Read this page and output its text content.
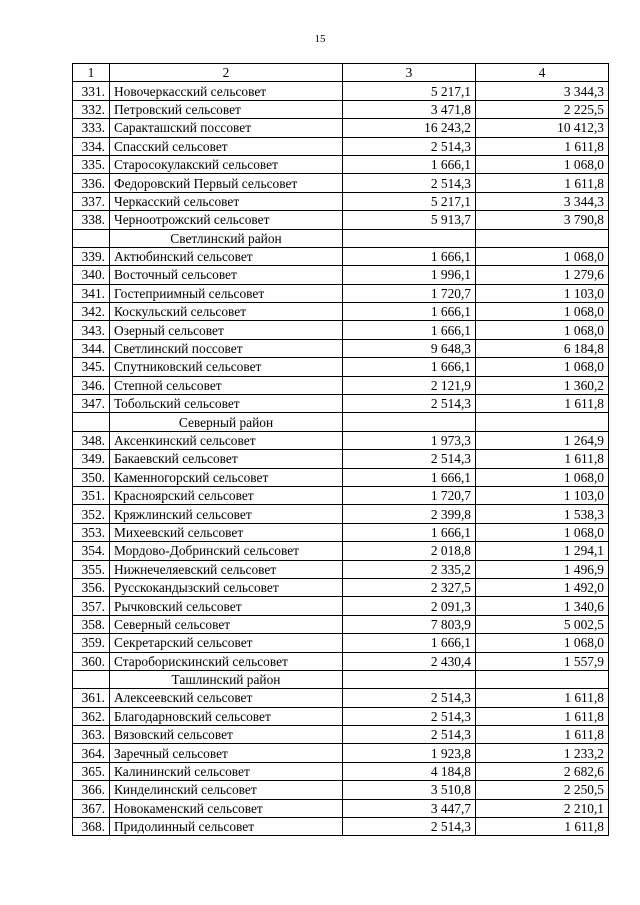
15
1	2	3	4
331.	Новочеркасский сельсовет	5 217,1	3 344,3
332.	Петровский сельсовет	3 471,8	2 225,5
333.	Саракташский поссовет	16 243,2	10 412,3
334.	Спасский сельсовет	2 514,3	1 611,8
335.	Старосокулакский сельсовет	1 666,1	1 068,0
336.	Федоровский Первый сельсовет	2 514,3	1 611,8
337.	Черкасский сельсовет	5 217,1	3 344,3
338.	Черноотрожский сельсовет	5 913,7	3 790,8
	Светлинский район		
339.	Актюбинский сельсовет	1 666,1	1 068,0
340.	Восточный сельсовет	1 996,1	1 279,6
341.	Гостеприимный сельсовет	1 720,7	1 103,0
342.	Коскульский сельсовет	1 666,1	1 068,0
343.	Озерный сельсовет	1 666,1	1 068,0
344.	Светлинский поссовет	9 648,3	6 184,8
345.	Спутниковский сельсовет	1 666,1	1 068,0
346.	Степной сельсовет	2 121,9	1 360,2
347.	Тобольский сельсовет	2 514,3	1 611,8
	Северный район		
348.	Аксенкинский сельсовет	1 973,3	1 264,9
349.	Бакаевский сельсовет	2 514,3	1 611,8
350.	Каменногорский сельсовет	1 666,1	1 068,0
351.	Красноярский сельсовет	1 720,7	1 103,0
352.	Кряжлинский сельсовет	2 399,8	1 538,3
353.	Михеевский сельсовет	1 666,1	1 068,0
354.	Мордово-Добринский сельсовет	2 018,8	1 294,1
355.	Нижнечеляевский сельсовет	2 335,2	1 496,9
356.	Русскокандызский сельсовет	2 327,5	1 492,0
357.	Рычковский сельсовет	2 091,3	1 340,6
358.	Северный сельсовет	7 803,9	5 002,5
359.	Секретарский сельсовет	1 666,1	1 068,0
360.	Староборискинский сельсовет	2 430,4	1 557,9
	Ташлинский район		
361.	Алексеевский сельсовет	2 514,3	1 611,8
362.	Благодарновский сельсовет	2 514,3	1 611,8
363.	Вязовский сельсовет	2 514,3	1 611,8
364.	Заречный сельсовет	1 923,8	1 233,2
365.	Калининский сельсовет	4 184,8	2 682,6
366.	Кинделинский сельсовет	3 510,8	2 250,5
367.	Новокаменский сельсовет	3 447,7	2 210,1
368.	Придолинный сельсовет	2 514,3	1 611,8
